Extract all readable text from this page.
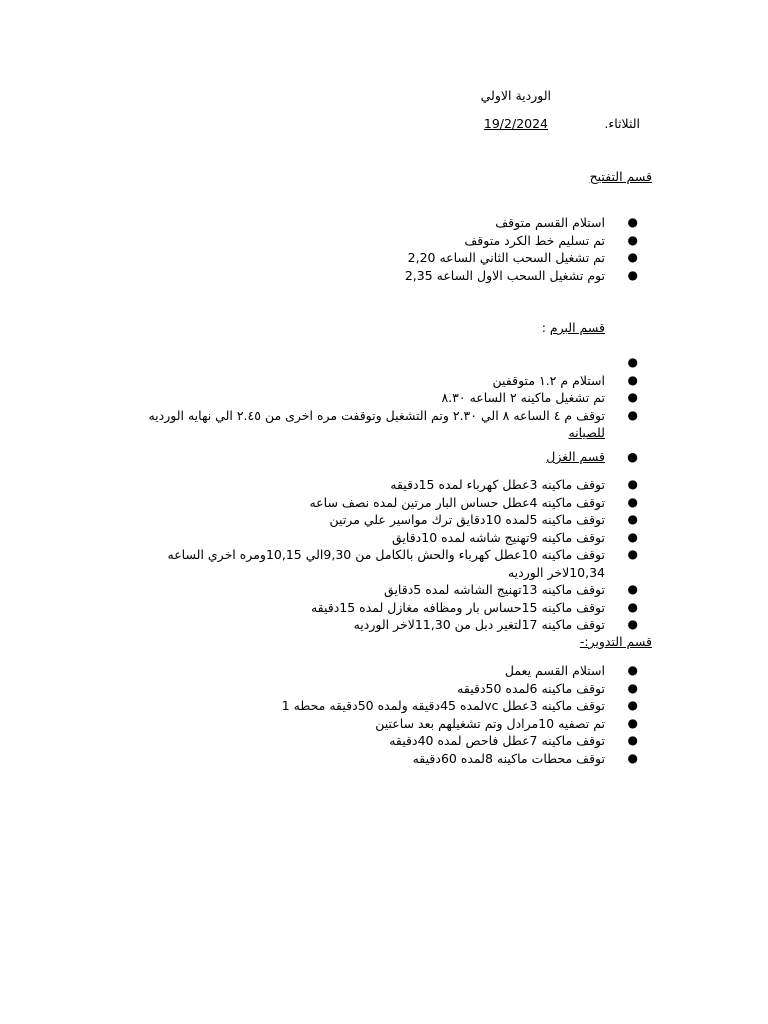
الوردية الاولي
الثلاثاء.
19/2/2024
قسم التفتيح
●
استلام القسم متوقف
●
تم تسليم خط الكرد متوقف
●
تم تشغيل السحب الثاني الساعه 2,20
●
توم تشغيل السحب الاول الساعه 2,35
قسم البرم :
●

●
استلام م ١.٢ متوقفين
●
تم تشغيل ماكينه ٢ الساعه ٨.٣٠
●
توقف م ٤ الساعه ٨ الي ٢.٣٠ وتم التشغيل وتوقفت مره اخرى من ٢.٤٥ الي نهايه الورديه للصيانه
●
قسم الغزل
●
توقف ماكينه 3عطل كهرباء لمده 15دقيقه
●
توقف ماكينه 4عطل حساس البار مرتين لمده نصف ساعه
●
توقف ماكينه 5لمده 10دقايق ترك مواسير علي مرتين
●
توقف ماكينه 9تهنيج شاشه لمده 10دقايق
●
توقف ماكينه 10عطل كهرباء والحش بالكامل من 9,30الي 10,15ومره اخري الساعه 10,34لاخر الورديه
●
توقف ماكينه 13تهنيج الشاشه لمده 5دقايق
●
توقف ماكينه 15حساس بار ومظافه مغازل لمده 15دقيقه
●
توقف ماكينه 17لتغير دبل من 11,30لاخر الورديه
قسم التدوير:-
●
استلام القسم يعمل
●
توقف ماكينه 6لمده 50دقيقه
●
توقف ماكينه 3عطل vcلمده 45دقيقه ولمده 50دقيقه محطه 1
●
تم تصفيه 10مرادل وتم تشغيلهم بعد ساعتين
●
توقف ماكينه 7عطل فاحص لمده 40دقيقه
●
توقف محطات ماكينه 8لمده 60دقيقه
